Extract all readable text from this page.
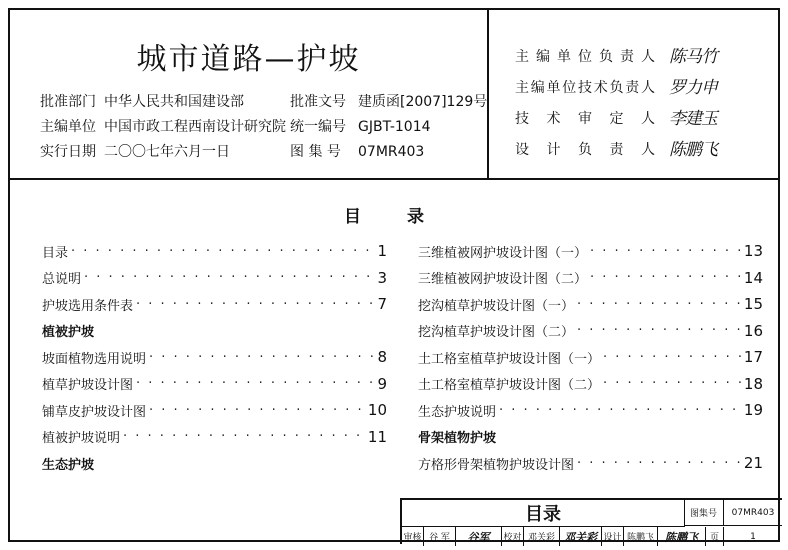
城市道路—护坡
批准部门 中华人民共和国建设部	批准文号 建质函[2007]129号
主编单位 中国市政工程西南设计研究院 统一编号 GJBT-1014
实行日期 二〇〇七年六月一日	图 集 号	07MR403
主编单位负责人 陈马竹
主编单位技术负责人 罗力申
技术审定人 李建玉
设计负责人 陈鹏飞
目 录
目录 · · ·	1
总说明 · · ·	3
护坡选用条件表 · · ·	7
植被护坡
坡面植物选用说明 · · ·	8
植草护坡设计图 · · ·	9
铺草皮护坡设计图 · · ·	10
植被护坡说明 · · ·	11
生态护坡
三维植被网护坡设计图（一） · · ·	13
三维植被网护坡设计图（二） · · ·	14
挖沟植草护坡设计图（一） · · ·	15
挖沟植草护坡设计图（二） · · ·	16
土工格室植草护坡设计图（一） · · ·	17
土工格室植草护坡设计图（二） · · ·	18
生态护坡说明 · · ·	19
骨架植物护坡
方格形骨架植物护坡设计图 · · ·	21
目录	图集号	07MR403
审核 谷 军	谷军	校对 邓关彩 邓关彩 设计 陈鹏飞	陈鹏飞	页	1
